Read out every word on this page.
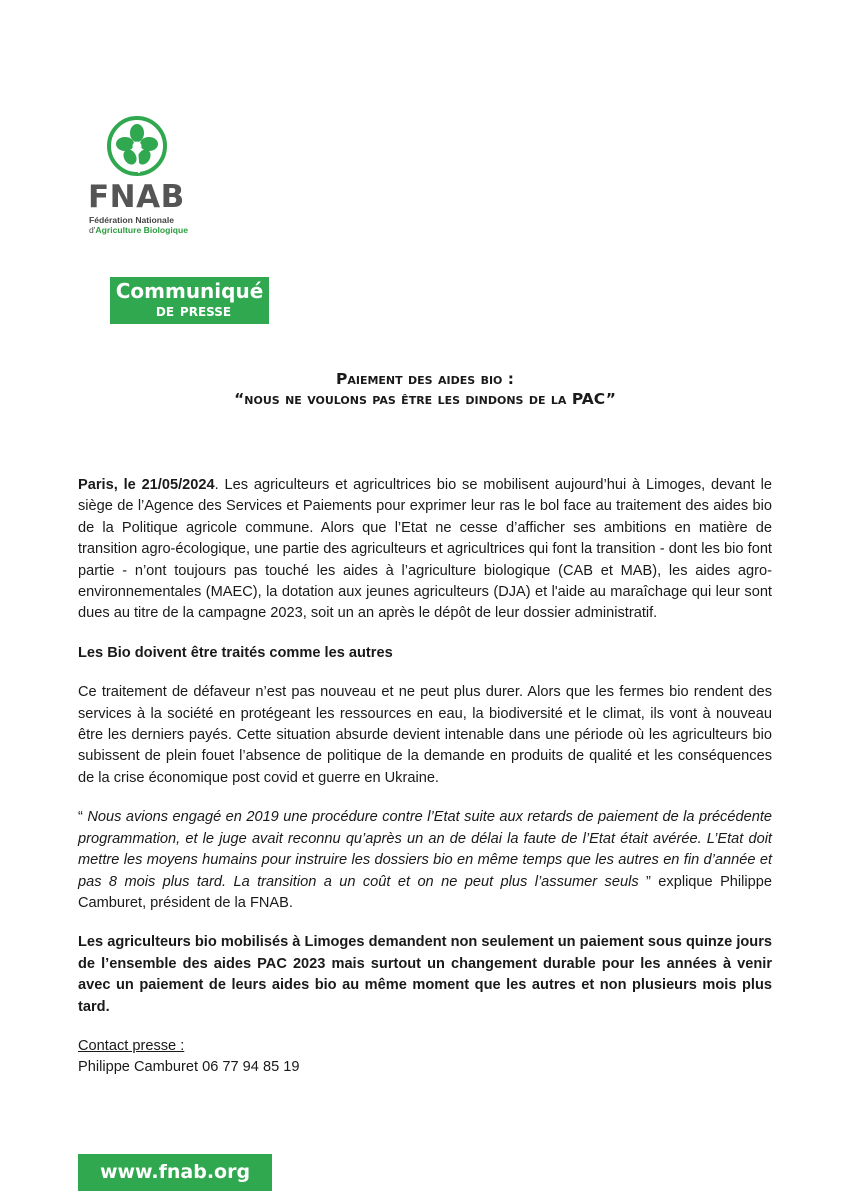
FNAB
Fédération Nationale
d'Agriculture Biologique
Communiqué
de presse
Paiement des aides bio :
“nous ne voulons pas être les dindons de la PAC”

Paris, le 21/05/2024. Les agriculteurs et agricultrices bio se mobilisent aujourd’hui à Limoges, devant le siège de l’Agence des Services et Paiements pour exprimer leur ras le bol face au traitement des aides bio de la Politique agricole commune. Alors que l’Etat ne cesse d’afficher ses ambitions en matière de transition agro-écologique, une partie des agriculteurs et agricultrices qui font la transition - dont les bio font partie - n’ont toujours pas touché les aides à l’agriculture biologique (CAB et MAB), les aides agro-environnementales (MAEC), la dotation aux jeunes agriculteurs (DJA) et l'aide au maraîchage qui leur sont dues au titre de la campagne 2023, soit un an après le dépôt de leur dossier administratif.

Les Bio doivent être traités comme les autres

Ce traitement de défaveur n’est pas nouveau et ne peut plus durer. Alors que les fermes bio rendent des services à la société en protégeant les ressources en eau, la biodiversité et le climat, ils vont à nouveau être les derniers payés. Cette situation absurde devient intenable dans une période où les agriculteurs bio subissent de plein fouet l’absence de politique de la demande en produits de qualité et les conséquences de la crise économique post covid et guerre en Ukraine.

“ Nous avions engagé en 2019 une procédure contre l’Etat suite aux retards de paiement de la précédente programmation, et le juge avait reconnu qu’après un an de délai la faute de l’Etat était avérée. L’Etat doit mettre les moyens humains pour instruire les dossiers bio en même temps que les autres en fin d’année et pas 8 mois plus tard. La transition a un coût et on ne peut plus l’assumer seuls ” explique Philippe Camburet, président de la FNAB.

Les agriculteurs bio mobilisés à Limoges demandent non seulement un paiement sous quinze jours de l’ensemble des aides PAC 2023 mais surtout un changement durable pour les années à venir avec un paiement de leurs aides bio au même moment que les autres et non plusieurs mois plus tard.

Contact presse :
Philippe Camburet 06 77 94 85 19

www.fnab.org
